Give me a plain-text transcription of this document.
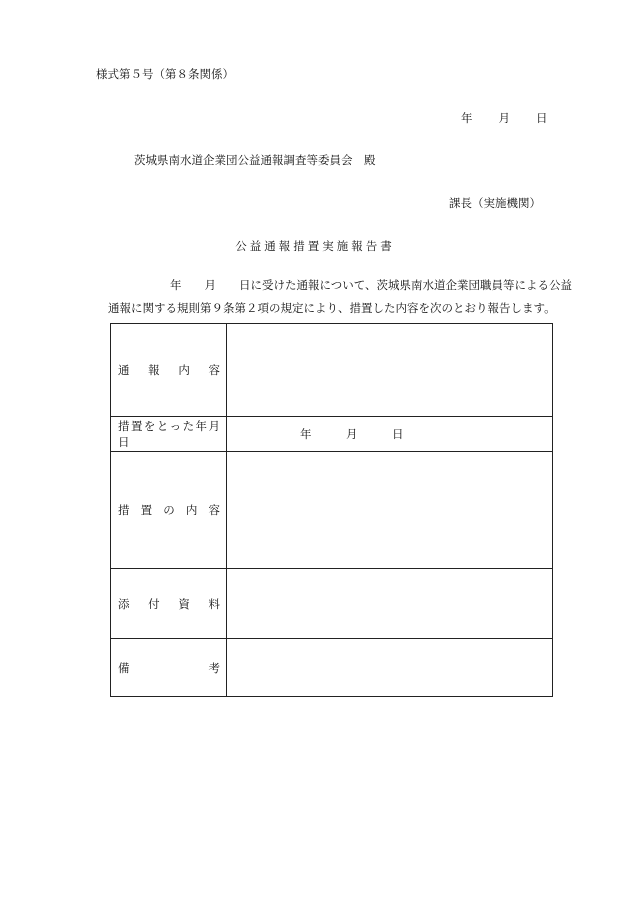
様式第５号（第８条関係）
年 月 日
茨城県南水道企業団公益通報調査等委員会　殿
課長（実施機関）
公益通報措置実施報告書
年　　月　　日に受けた通報について、茨城県南水道企業団職員等による公益通報に関する規則第９条第２項の規定により、措置した内容を次のとおり報告します。
通報内容	
措置をとった年月日	年　　　月　　　日
措置の内容	
添付資料	
備考	
